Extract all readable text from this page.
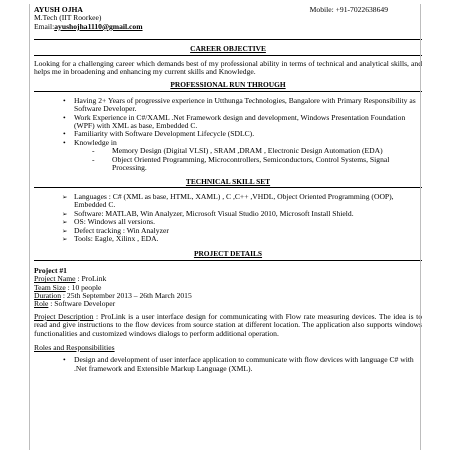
AYUSH OJHA	Mobile: +91-7022638649
M.Tech (IIT Roorkee)
Email:ayushojha1110@gmail.com
CAREER OBJECTIVE

Looking for a challenging career which demands best of my professional ability in terms of technical and analytical skills, and helps me in broadening and enhancing my current skills and Knowledge.

PROFESSIONAL RUN THROUGH
• Having 2+ Years of progressive experience in Utthunga Technologies, Bangalore with Primary Responsibility as Software Developer.
• Work Experience in C#/XAML .Net Framework design and development, Windows Presentation Foundation (WPF) with XML as base, Embedded C.
• Familiarity with Software Development Lifecycle (SDLC).
• Knowledge in
- Memory Design (Digital VLSI) , SRAM ,DRAM , Electronic Design Automation (EDA)
- Object Oriented Programming, Microcontrollers, Semiconductors, Control Systems, Signal Processing.
TECHNICAL SKILL SET
➢ Languages : C# (XML as base, HTML, XAML) , C ,C++ ,VHDL, Object Oriented Programming (OOP), Embedded C.
➢ Software: MATLAB, Win Analyzer, Microsoft Visual Studio 2010, Microsoft Install Shield.
➢ OS: Windows all versions.
➢ Defect tracking : Win Analyzer
➢ Tools: Eagle, Xilinx , EDA.
PROJECT DETAILS
Project #1
Project Name : ProLink
Team Size : 10 people
Duration : 25th September 2013 – 26th March 2015
Role : Software Developer

Project Description : ProLink is a user interface design for communicating with Flow rate measuring devices. The idea is to read and give instructions to the flow devices from source station at different location. The application also supports windows functionalities and customized windows dialogs to perform additional operation.

Roles and Responsibilities
• Design and development of user interface application to communicate with flow devices with language C# with .Net framework and Extensible Markup Language (XML).
